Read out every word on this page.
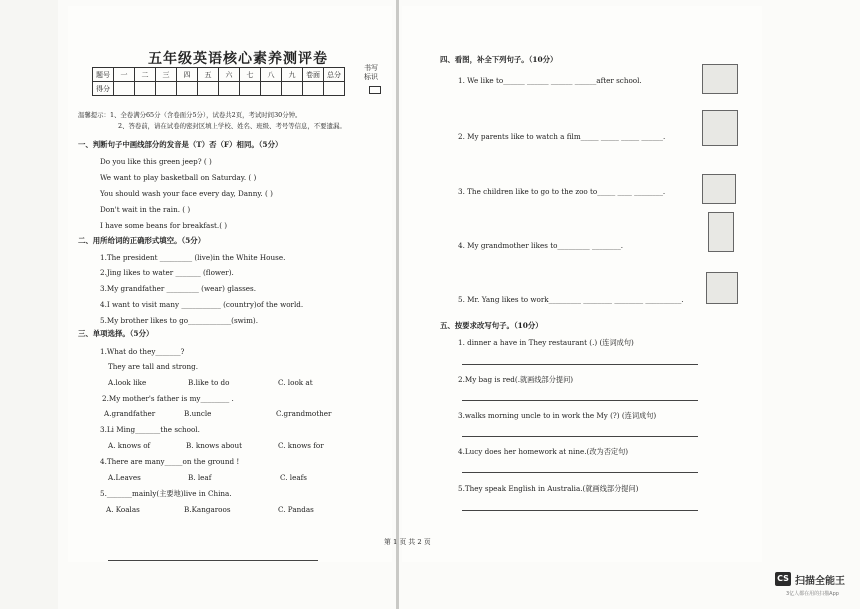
五年级英语核心素养测评卷
题号	一	二	三	四	五	六	七	八	九	卷面	总分
得分											
书写标识
温馨提示：1、全卷满分65分（含卷面分5分），试卷共2页，考试时间30分钟。
2、答卷前，请在试卷的密封区填上学校、姓名、班级、考号等信息，不要遗漏。
一、判断句子中画线部分的发音是（T）否（F）相同。（5分）
Do you like this green jeep? ( )
We want to play basketball on Saturday. ( )
You should wash your face every day, Danny. ( )
Don't wait in the rain. ( )
I have some beans for breakfast.( )
二、用所给词的正确形式填空。（5分）
1.The president _________ (live)in the White House.
2.Jing likes to water _______ (flower).
3.My grandfather _________ (wear) glasses.
4.I want to visit many ___________ (country)of the world.
5.My brother likes to go____________(swim).
三、单项选择。（5分）
1.What do they_______?
They are tall and strong.
A.look like	B.like to do	C. look at
2.My mother's father is my________ .
A.grandfather	B.uncle	C.grandmother
3.Li Ming_______the school.
A. knows of	B. knows about	C. knows for
4.There are many_____on the ground !
A.Leaves	B. leaf	C. leafs
5._______mainly(主要地)live in China.
A. Koalas	B.Kangaroos	C. Pandas
四、看图，补全下列句子。（10分）
1. We like to______ ______ ______ ______after school.
2. My parents like to watch a film_____ _____ _____ ______.
3. The children like to go to the zoo to_____ ____ ________.
4. My grandmother likes to_________ ________.
5. Mr. Yang likes to work_________ ________ ________ __________.
五、按要求改写句子。（10分）
1. dinner a have in They restaurant (.) (连词成句)
2.My bag is red(.就画线部分提问)
3.walks morning uncle to in work the My (?) (连词成句)
4.Lucy does her homework at nine.(改为否定句)
5.They speak English in Australia.(就画线部分提问)
第 1 页 共 2 页
CS 扫描全能王
3亿人都在用的扫描App
